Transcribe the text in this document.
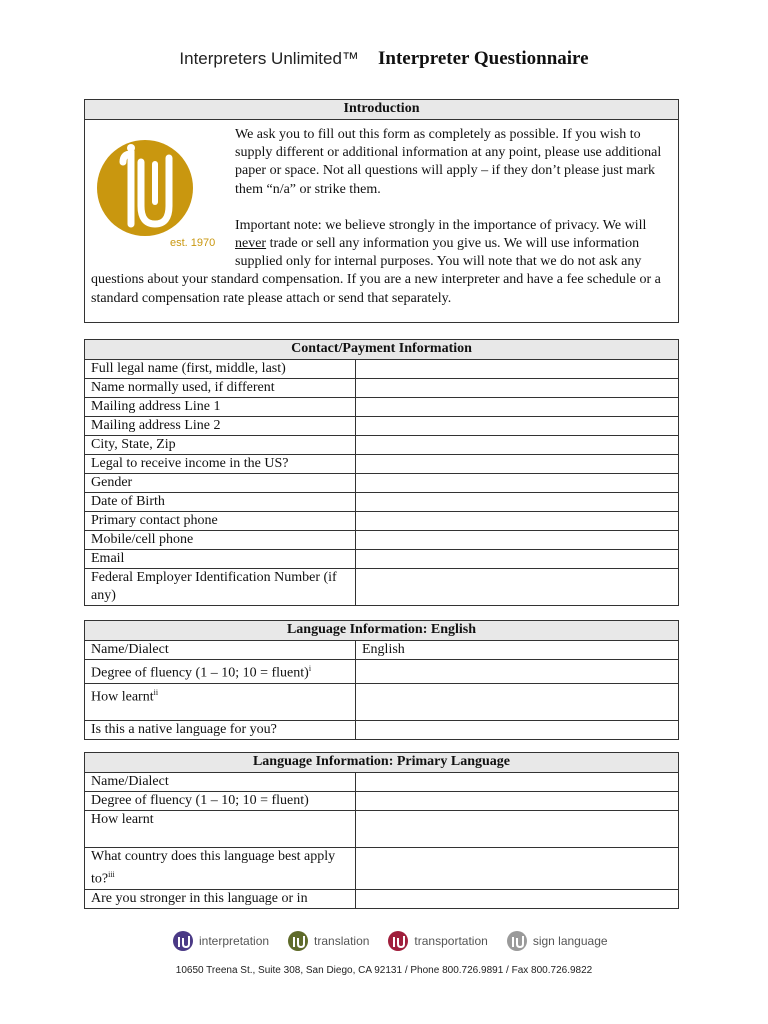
Interpreters Unlimited™ Interpreter Questionnaire
Introduction

est. 1970

We ask you to fill out this form as completely as possible. If you wish to supply different or additional information at any point, please use additional paper or space. Not all questions will apply – if they don’t please just mark them “n/a” or strike them.

Important note: we believe strongly in the importance of privacy. We will never trade or sell any information you give us. We will use information supplied only for internal purposes. You will note that we do not ask any questions about your standard compensation. If you are a new interpreter and have a fee schedule or a standard compensation rate please attach or send that separately.

Contact/Payment Information	
Full legal name (first, middle, last)	
Name normally used, if different	
Mailing address Line 1	
Mailing address Line 2	
City, State, Zip	
Legal to receive income in the US?	
Gender	
Date of Birth	
Primary contact phone	
Mobile/cell phone	
Email	
Federal Employer Identification Number (if any)	
Language Information: English	
Name/Dialect	English
Degree of fluency (1 – 10; 10 = fluent)$^i$	
How learnt$^{ii}$	
Is this a native language for you?	
Language Information: Primary Language	
Name/Dialect	
Degree of fluency (1 – 10; 10 = fluent)	
How learnt	
What country does this language best apply to?$^{iii}$	
Are you stronger in this language or in	
interpretation	translation	transportation	sign language
10650 Treena St., Suite 308, San Diego, CA 92131 / Phone 800.726.9891 / Fax 800.726.9822
